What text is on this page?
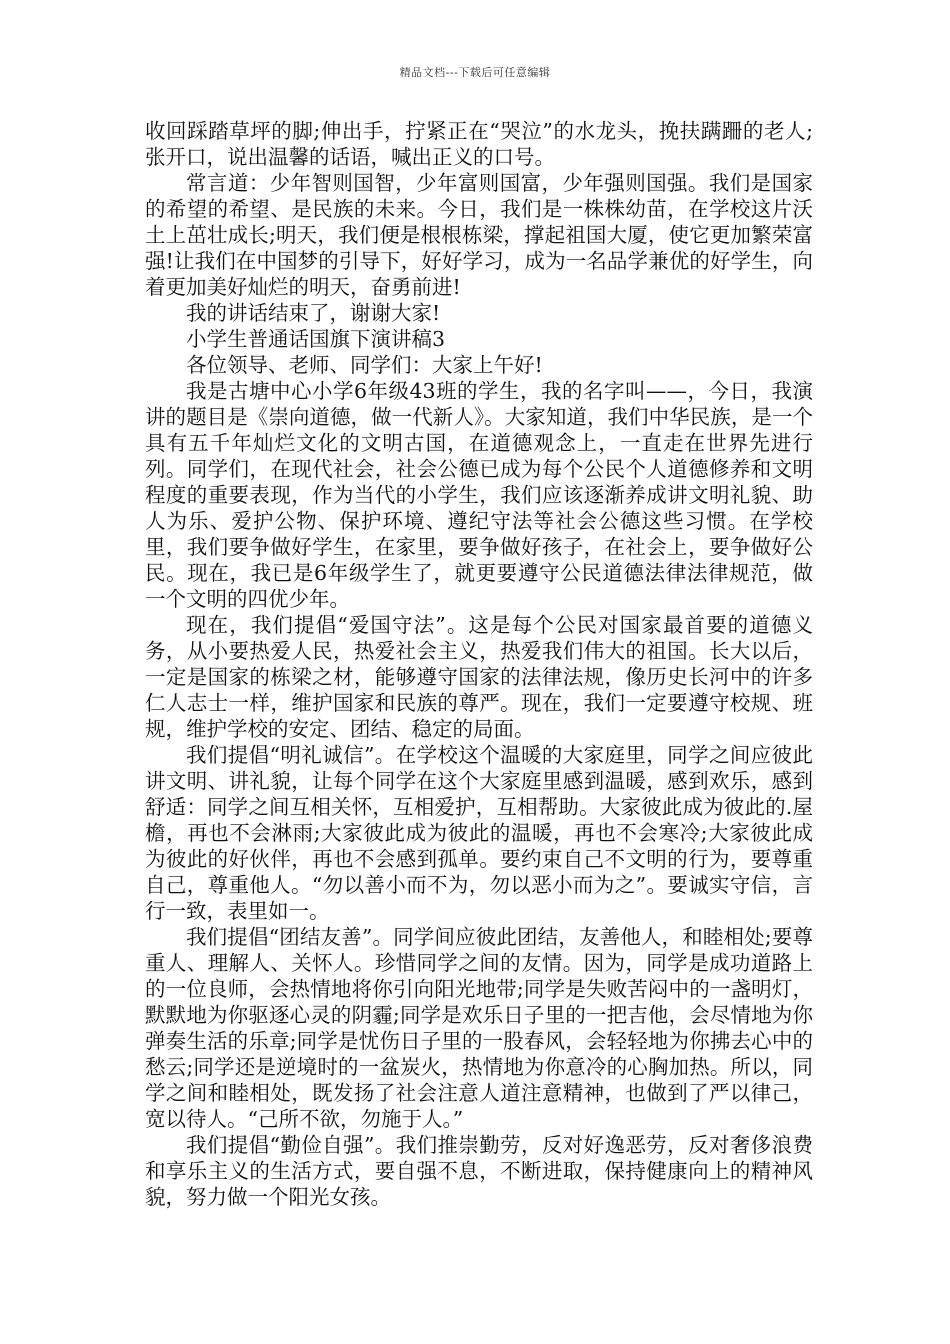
精品文档---下载后可任意编辑

收回踩踏草坪的脚;伸出手，拧紧正在“哭泣”的水龙头，挽扶蹒跚的老人;张开口，说出温馨的话语，喊出正义的口号。

常言道：少年智则国智，少年富则国富，少年强则国强。我们是国家的希望的希望、是民族的未来。今日，我们是一株株幼苗，在学校这片沃土上茁壮成长;明天，我们便是根根栋梁，撑起祖国大厦，使它更加繁荣富强!让我们在中国梦的引导下，好好学习，成为一名品学兼优的好学生，向着更加美好灿烂的明天，奋勇前进!

我的讲话结束了，谢谢大家!

小学生普通话国旗下演讲稿3

各位领导、老师、同学们：大家上午好!

我是古塘中心小学6年级43班的学生，我的名字叫——，今日，我演讲的题目是《崇向道德，做一代新人》。大家知道，我们中华民族，是一个具有五千年灿烂文化的文明古国，在道德观念上，一直走在世界先进行列。同学们，在现代社会，社会公德已成为每个公民个人道德修养和文明程度的重要表现，作为当代的小学生，我们应该逐渐养成讲文明礼貌、助人为乐、爱护公物、保护环境、遵纪守法等社会公德这些习惯。在学校里，我们要争做好学生，在家里，要争做好孩子，在社会上，要争做好公民。现在，我已是6年级学生了，就更要遵守公民道德法律法律规范，做一个文明的四优少年。

现在，我们提倡“爱国守法”。这是每个公民对国家最首要的道德义务，从小要热爱人民，热爱社会主义，热爱我们伟大的祖国。长大以后，一定是国家的栋梁之材，能够遵守国家的法律法规，像历史长河中的许多仁人志士一样，维护国家和民族的尊严。现在，我们一定要遵守校规、班规，维护学校的安定、团结、稳定的局面。

我们提倡“明礼诚信”。在学校这个温暖的大家庭里，同学之间应彼此讲文明、讲礼貌，让每个同学在这个大家庭里感到温暖，感到欢乐，感到舒适：同学之间互相关怀，互相爱护，互相帮助。大家彼此成为彼此的.屋檐，再也不会淋雨;大家彼此成为彼此的温暖，再也不会寒冷;大家彼此成为彼此的好伙伴，再也不会感到孤单。要约束自己不文明的行为，要尊重自己，尊重他人。“勿以善小而不为，勿以恶小而为之”。要诚实守信，言行一致，表里如一。

我们提倡“团结友善”。同学间应彼此团结，友善他人，和睦相处;要尊重人、理解人、关怀人。珍惜同学之间的友情。因为，同学是成功道路上的一位良师，会热情地将你引向阳光地带;同学是失败苦闷中的一盏明灯，默默地为你驱逐心灵的阴霾;同学是欢乐日子里的一把吉他，会尽情地为你弹奏生活的乐章;同学是忧伤日子里的一股春风，会轻轻地为你拂去心中的愁云;同学还是逆境时的一盆炭火，热情地为你意冷的心胸加热。所以，同学之间和睦相处，既发扬了社会注意人道注意精神，也做到了严以律己，宽以待人。“己所不欲，勿施于人。”

我们提倡“勤俭自强”。我们推崇勤劳，反对好逸恶劳，反对奢侈浪费和享乐主义的生活方式，要自强不息，不断进取，保持健康向上的精神风貌，努力做一个阳光女孩。
